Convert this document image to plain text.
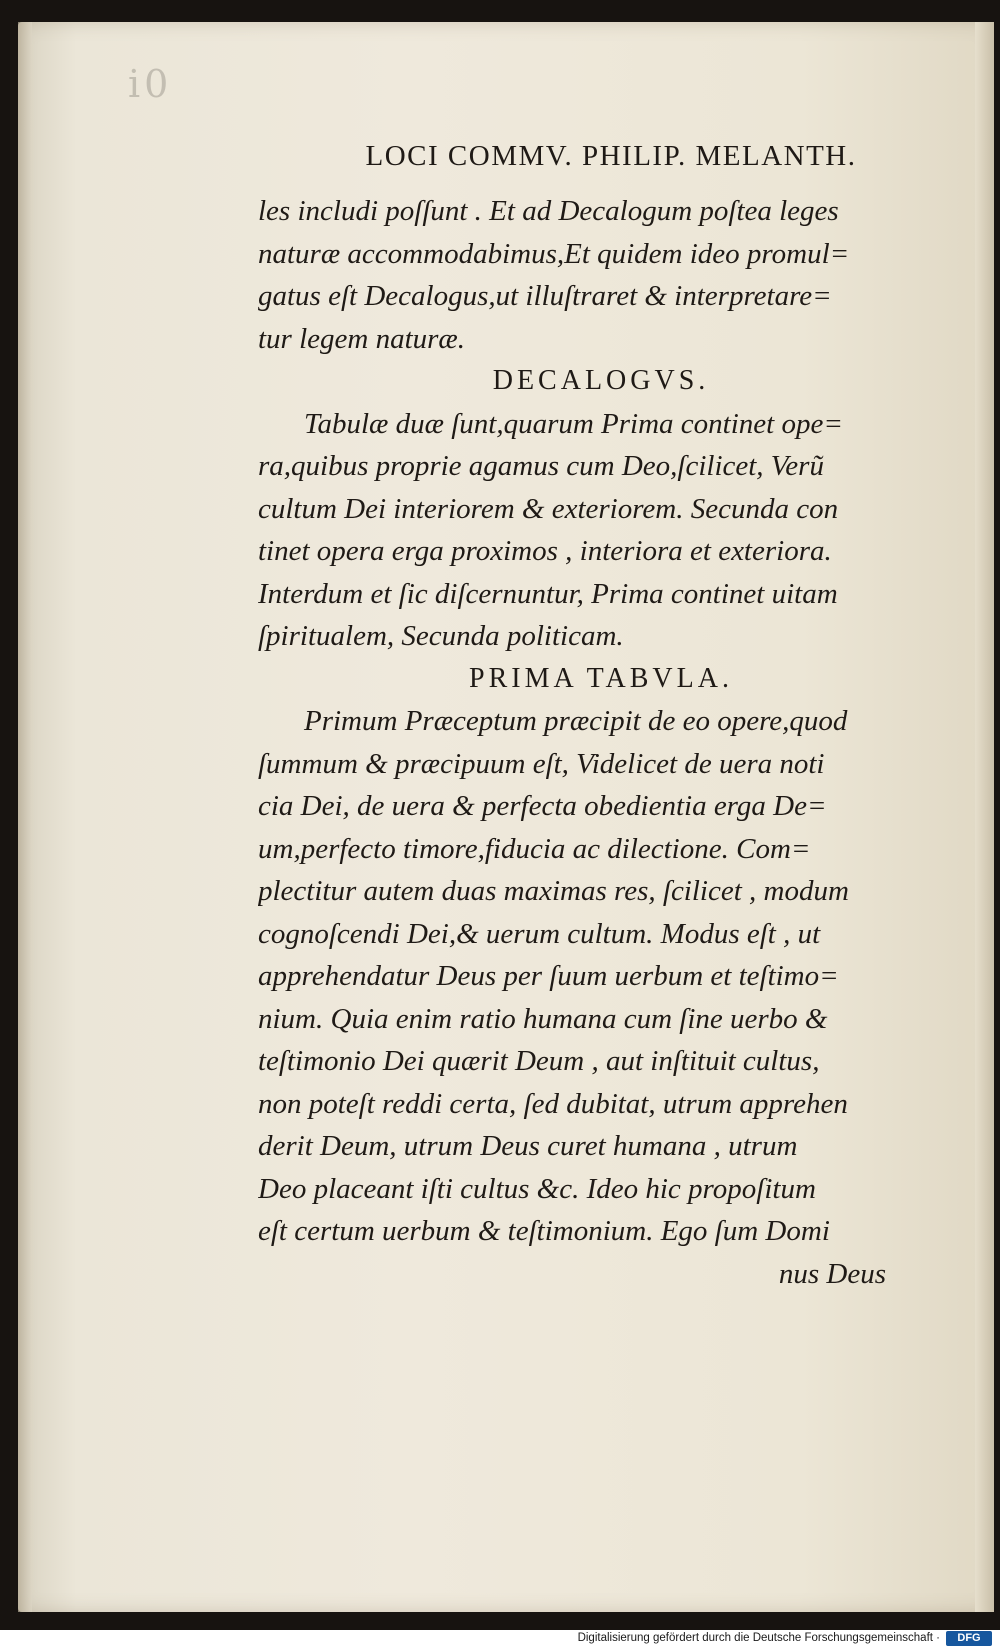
i0
LOCI COMMV. PHILIP. MELANTH.
les includi poſſunt . Et ad Decalogum poſtea leges
naturæ accommodabimus,Et quidem ideo promul=
gatus eſt Decalogus,ut illuſtraret & interpretare=
tur legem naturæ.
DECALOGVS.
Tabulæ duæ ſunt,quarum Prima continet ope=
ra,quibus proprie agamus cum Deo,ſcilicet, Verũ
cultum Dei interiorem & exteriorem. Secunda con
tinet opera erga proximos , interiora et exteriora.
Interdum et ſic diſcernuntur, Prima continet uitam
ſpiritualem, Secunda politicam.
PRIMA TABVLA.
Primum Præceptum præcipit de eo opere,quod
ſummum & præcipuum eſt, Videlicet de uera noti
cia Dei, de uera & perfecta obedientia erga De=
um,perfecto timore,fiducia ac dilectione. Com=
plectitur autem duas maximas res, ſcilicet , modum
cognoſcendi Dei,& uerum cultum. Modus eſt , ut
apprehendatur Deus per ſuum uerbum et teſtimo=
nium. Quia enim ratio humana cum ſine uerbo &
teſtimonio Dei quærit Deum , aut inſtituit cultus,
non poteſt reddi certa, ſed dubitat, utrum apprehen
derit Deum, utrum Deus curet humana , utrum
Deo placeant iſti cultus &c. Ideo hic propoſitum
eſt certum uerbum & teſtimonium. Ego ſum Domi
nus Deus
Digitalisierung gefördert durch die Deutsche Forschungsgemeinschaft ·	DFG
